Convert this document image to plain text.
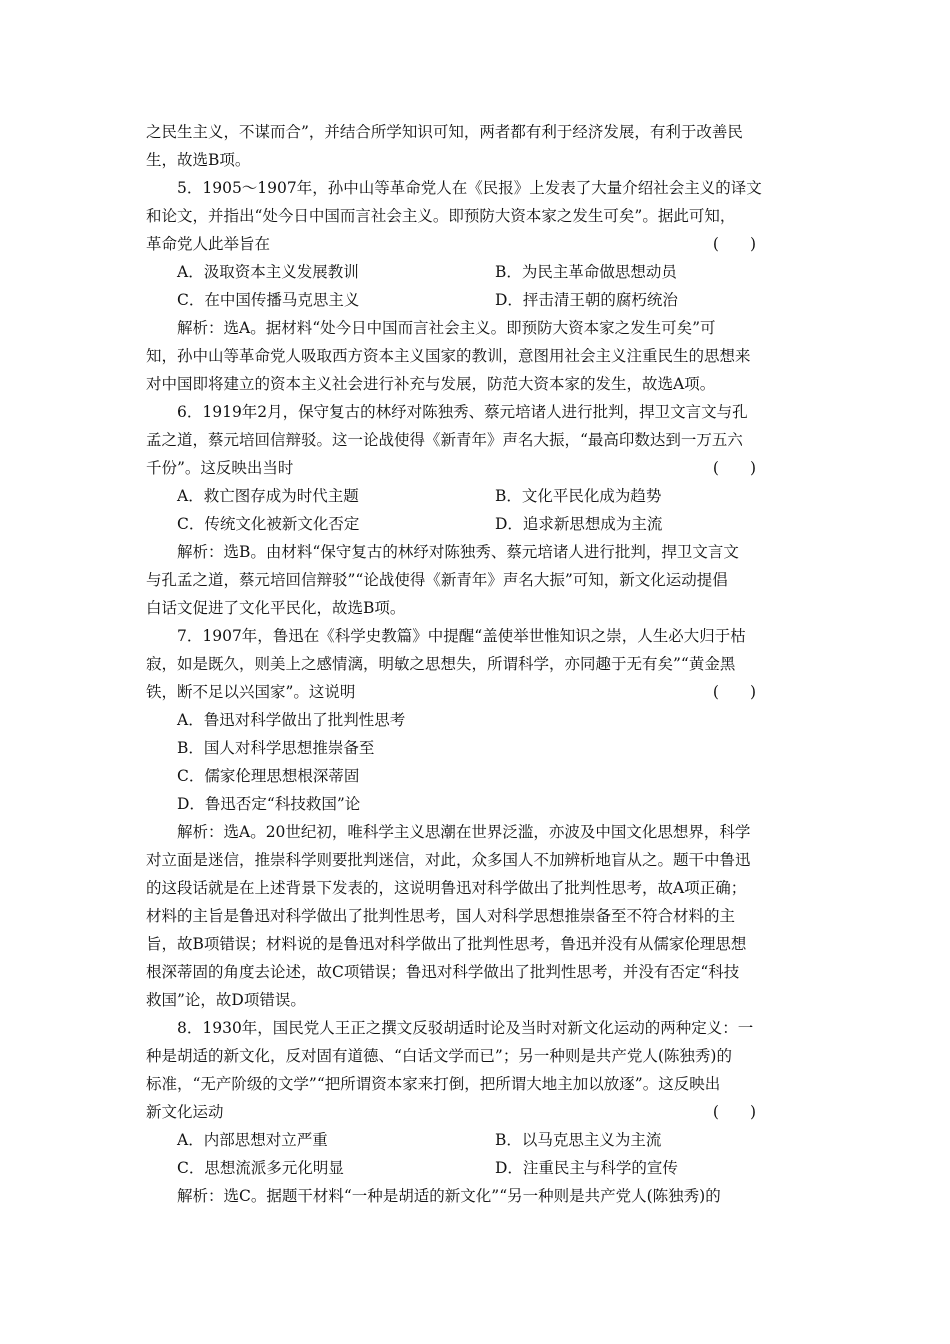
之民生主义，不谋而合”，并结合所学知识可知，两者都有利于经济发展，有利于改善民
生，故选B项。
5．1905～1907年，孙中山等革命党人在《民报》上发表了大量介绍社会主义的译文
和论文，并指出“处今日中国而言社会主义。即预防大资本家之发生可矣”。据此可知，
革命党人此举旨在	(　　)
A．汲取资本主义发展教训	B．为民主革命做思想动员
C．在中国传播马克思主义	D．抨击清王朝的腐朽统治
解析：选A。据材料“处今日中国而言社会主义。即预防大资本家之发生可矣”可
知，孙中山等革命党人吸取西方资本主义国家的教训，意图用社会主义注重民生的思想来
对中国即将建立的资本主义社会进行补充与发展，防范大资本家的发生，故选A项。
6．1919年2月，保守复古的林纾对陈独秀、蔡元培诸人进行批判，捍卫文言文与孔
孟之道，蔡元培回信辩驳。这一论战使得《新青年》声名大振，“最高印数达到一万五六
千份”。这反映出当时	(　　)
A．救亡图存成为时代主题	B．文化平民化成为趋势
C．传统文化被新文化否定	D．追求新思想成为主流
解析：选B。由材料“保守复古的林纾对陈独秀、蔡元培诸人进行批判，捍卫文言文
与孔孟之道，蔡元培回信辩驳”“论战使得《新青年》声名大振”可知，新文化运动提倡
白话文促进了文化平民化，故选B项。
7．1907年，鲁迅在《科学史教篇》中提醒“盖使举世惟知识之崇，人生必大归于枯
寂，如是既久，则美上之感情漓，明敏之思想失，所谓科学，亦同趣于无有矣”“黄金黑
铁，断不足以兴国家”。这说明	(　　)
A．鲁迅对科学做出了批判性思考
B．国人对科学思想推崇备至
C．儒家伦理思想根深蒂固
D．鲁迅否定“科技救国”论
解析：选A。20世纪初，唯科学主义思潮在世界泛滥，亦波及中国文化思想界，科学
对立面是迷信，推崇科学则要批判迷信，对此，众多国人不加辨析地盲从之。题干中鲁迅
的这段话就是在上述背景下发表的，这说明鲁迅对科学做出了批判性思考，故A项正确；
材料的主旨是鲁迅对科学做出了批判性思考，国人对科学思想推崇备至不符合材料的主
旨，故B项错误；材料说的是鲁迅对科学做出了批判性思考，鲁迅并没有从儒家伦理思想
根深蒂固的角度去论述，故C项错误；鲁迅对科学做出了批判性思考，并没有否定“科技
救国”论，故D项错误。
8．1930年，国民党人王正之撰文反驳胡适时论及当时对新文化运动的两种定义：一
种是胡适的新文化，反对固有道德、“白话文学而已”；另一种则是共产党人(陈独秀)的
标准，“无产阶级的文学”“把所谓资本家来打倒，把所谓大地主加以放逐”。这反映出
新文化运动	(　　)
A．内部思想对立严重	B．以马克思主义为主流
C．思想流派多元化明显	D．注重民主与科学的宣传
解析：选C。据题干材料“一种是胡适的新文化”“另一种则是共产党人(陈独秀)的
